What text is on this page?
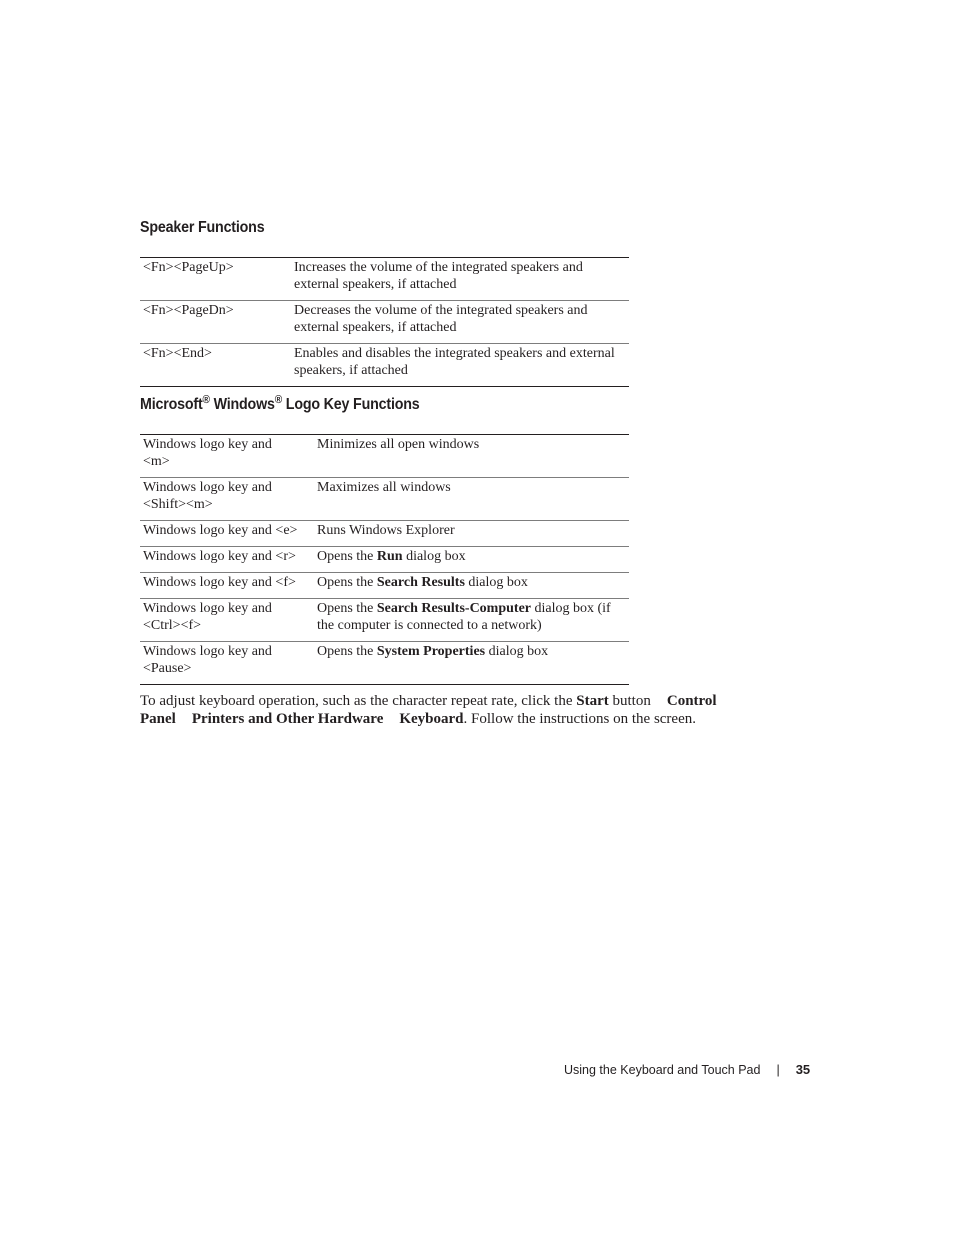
Speaker Functions
<Fn><PageUp>	Increases the volume of the integrated speakers and
external speakers, if attached
<Fn><PageDn>	Decreases the volume of the integrated speakers and
external speakers, if attached
<Fn><End>	Enables and disables the integrated speakers and external
speakers, if attached
Microsoft® Windows® Logo Key Functions
Windows logo key and
<m>	Minimizes all open windows
Windows logo key and
<Shift><m>	Maximizes all windows
Windows logo key and <e>	Runs Windows Explorer
Windows logo key and <r>	Opens the Run dialog box
Windows logo key and <f>	Opens the Search Results dialog box
Windows logo key and
<Ctrl><f>	Opens the Search Results-Computer dialog box (if
the computer is connected to a network)
Windows logo key and
<Pause>	Opens the System Properties dialog box
To adjust keyboard operation, such as the character repeat rate, click the Start button Control
Panel Printers and Other Hardware Keyboard. Follow the instructions on the screen.
Using the Keyboard and Touch Pad | 35
